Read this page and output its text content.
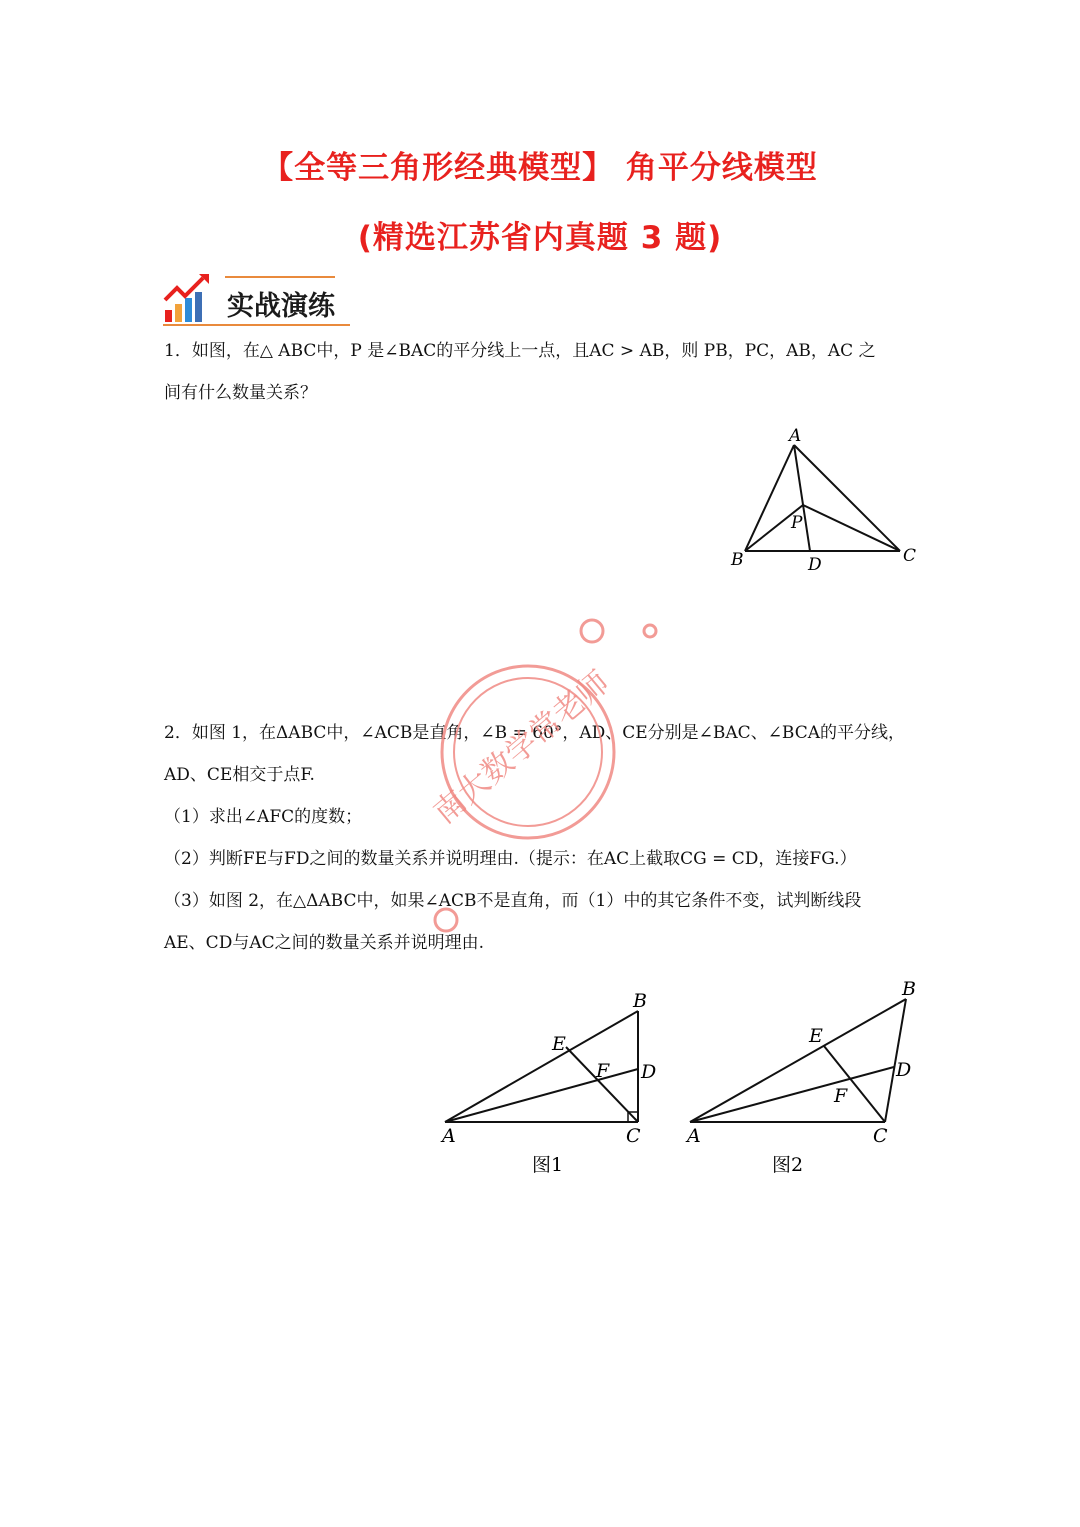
【全等三角形经典模型】 角平分线模型
(精选江苏省内真题 3 题)
实战演练
1．如图，在△ ABC中，P 是∠BAC的平分线上一点，且AC > AB，则 PB，PC，AB，AC 之
间有什么数量关系？
A
P
B	D	C
2．如图 1，在ΔABC中，∠ACB是直角，∠B = 60°，AD、CE分别是∠BAC、∠BCA的平分线，
AD、CE相交于点F.
（1）求出∠AFC的度数；
（2）判断FE与FD之间的数量关系并说明理由.（提示：在AC上截取CG = CD，连接FG.）
（3）如图 2，在△ΔABC中，如果∠ACB不是直角，而（1）中的其它条件不变，试判断线段
AE、CD与AC之间的数量关系并说明理由.
B
E
F D
A	C
图1
B
E
D
F
A	C
图2
南大数学常老师
